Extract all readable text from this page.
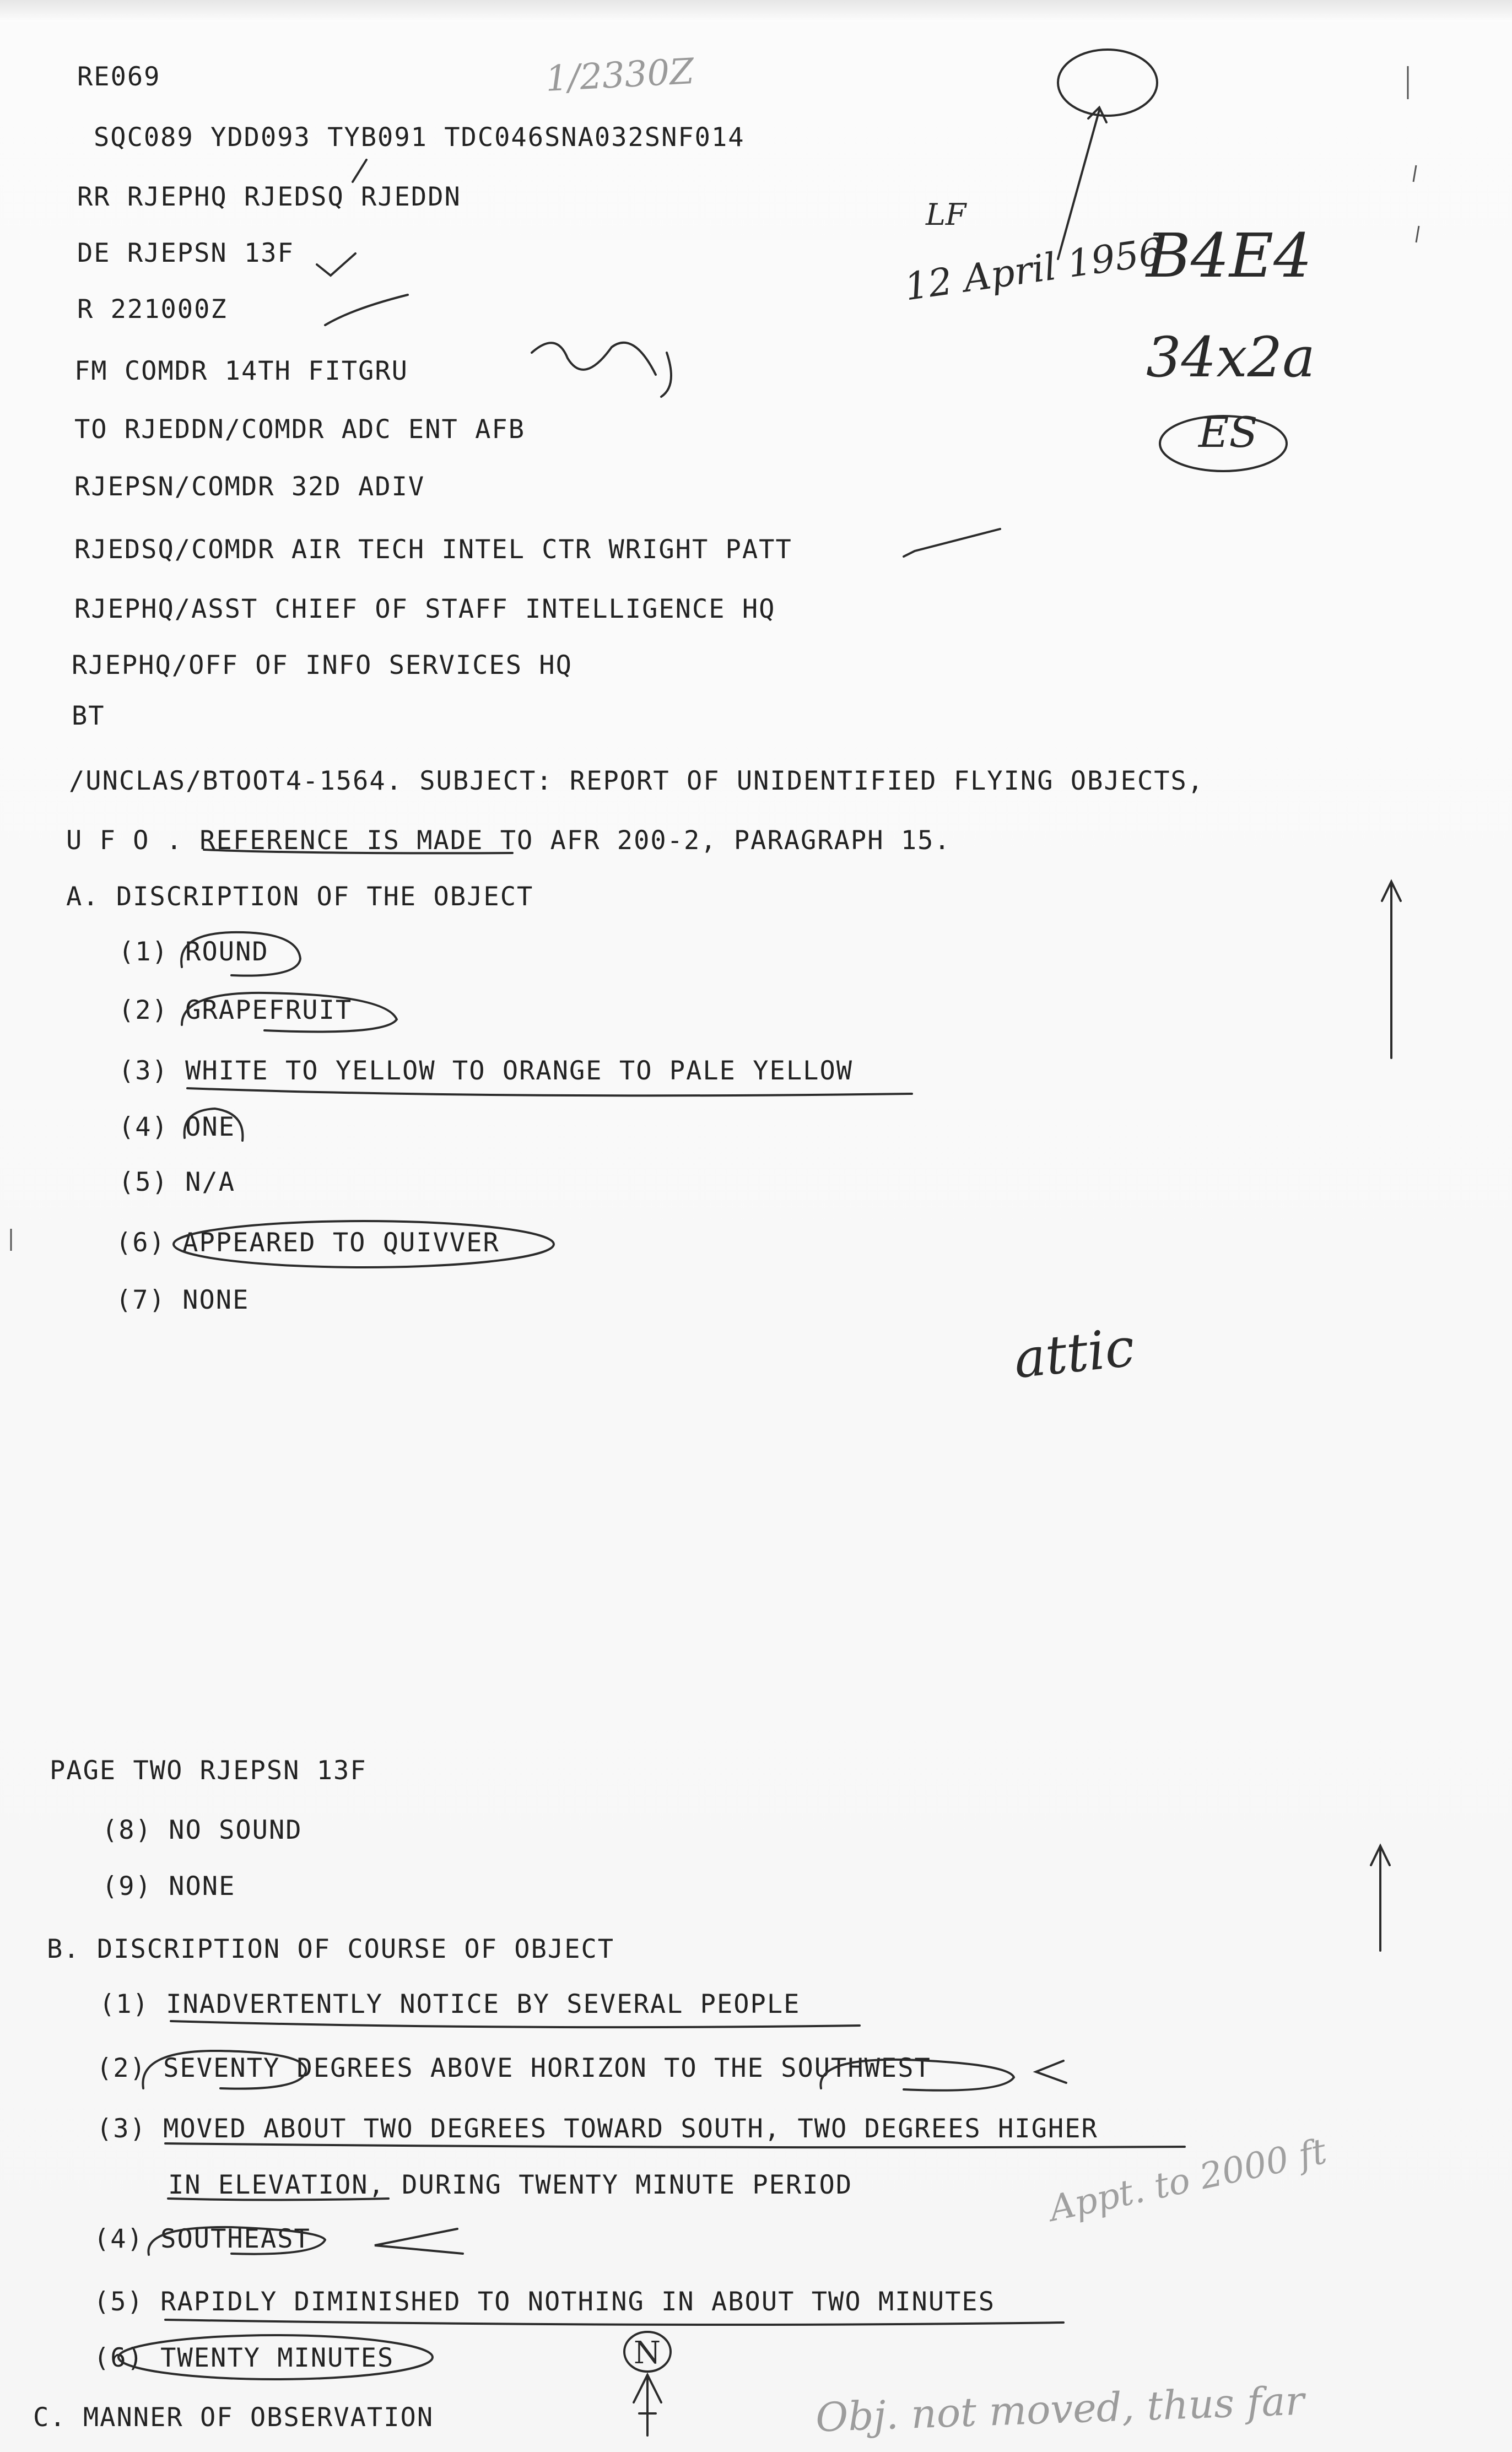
RE069
SQC089 YDD093 TYB091 TDC046SNA032SNF014
RR RJEPHQ RJEDSQ RJEDDN
DE RJEPSN 13F
R 221000Z
FM COMDR 14TH FITGRU
TO RJEDDN/COMDR ADC ENT AFB
RJEPSN/COMDR 32D ADIV
RJEDSQ/COMDR AIR TECH INTEL CTR WRIGHT PATT
RJEPHQ/ASST CHIEF OF STAFF INTELLIGENCE HQ
RJEPHQ/OFF OF INFO SERVICES HQ
BT
/UNCLAS/BTOOT4-1564. SUBJECT: REPORT OF UNIDENTIFIED FLYING OBJECTS,
U F O . REFERENCE IS MADE TO AFR 200-2, PARAGRAPH 15.
A. DISCRIPTION OF THE OBJECT
(1) ROUND
(2) GRAPEFRUIT
(3) WHITE TO YELLOW TO ORANGE TO PALE YELLOW
(4) ONE
(5) N/A
(6) APPEARED TO QUIVVER
(7) NONE
PAGE TWO RJEPSN 13F
(8) NO SOUND
(9) NONE
B. DISCRIPTION OF COURSE OF OBJECT
(1) INADVERTENTLY NOTICE BY SEVERAL PEOPLE
(2) SEVENTY DEGREES ABOVE HORIZON TO THE SOUTHWEST
(3) MOVED ABOUT TWO DEGREES TOWARD SOUTH, TWO DEGREES HIGHER
IN ELEVATION, DURING TWENTY MINUTE PERIOD
(4) SOUTHEAST
(5) RAPIDLY DIMINISHED TO NOTHING IN ABOUT TWO MINUTES
(6) TWENTY MINUTES
C. MANNER OF OBSERVATION
1/2330Z
LF
12 April 1956
B4E4
34x2a
ES
attic
Appt. to 2000 ft
N
Obj. not moved, thus far
